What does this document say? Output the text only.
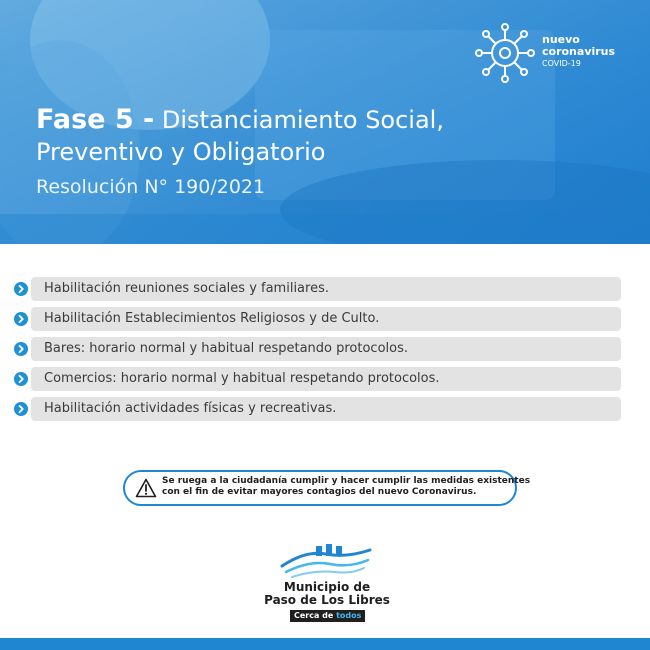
nuevo
coronavirus
COVID-19
Fase 5 - Distanciamiento Social,
Preventivo y Obligatorio
Resolución N° 190/2021
Habilitación reuniones sociales y familiares.
Habilitación Establecimientos Religiosos y de Culto.
Bares: horario normal y habitual respetando protocolos.
Comercios: horario normal y habitual respetando protocolos.
Habilitación actividades físicas y recreativas.
Se ruega a la ciudadanía cumplir y hacer cumplir las medidas existentes
con el fin de evitar mayores contagios del nuevo Coronavirus.
Municipio de
Paso de Los Libres
Cerca de todos
